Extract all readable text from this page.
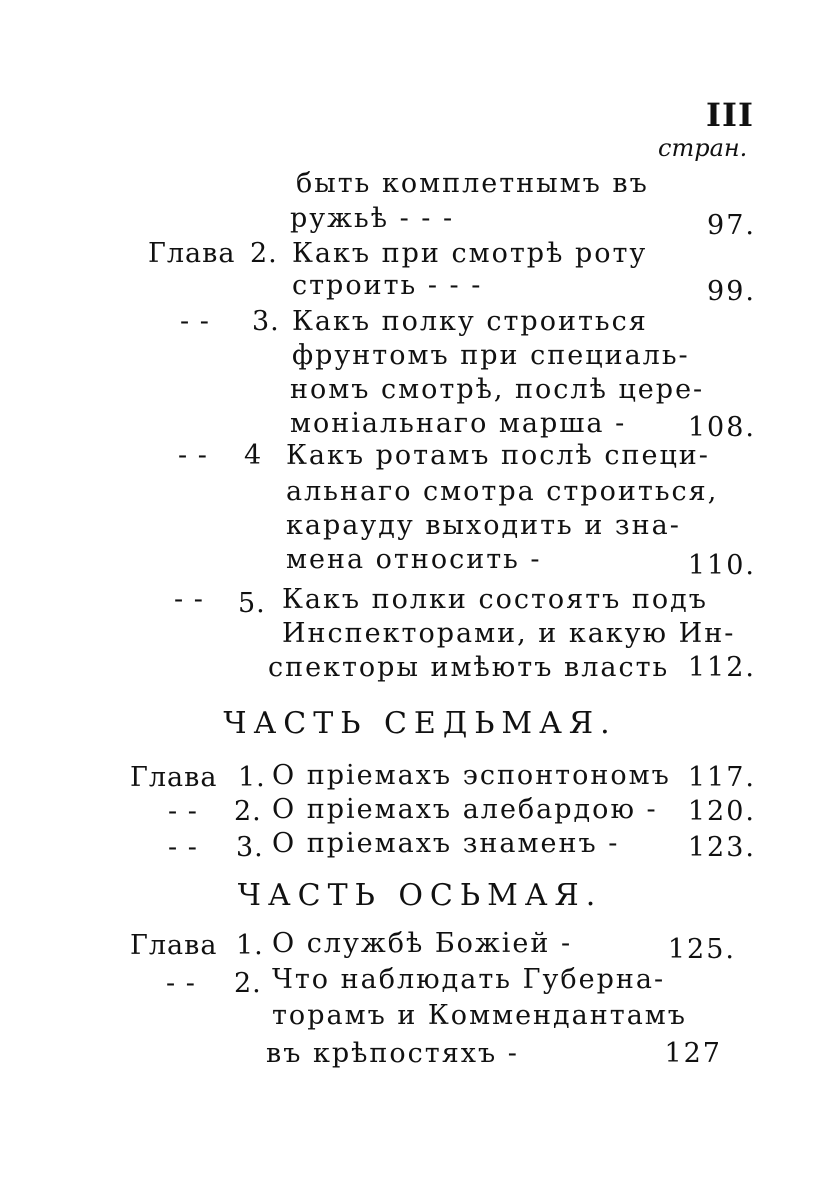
III
стран.
быть комплетнымъ въ
ружьѣ - - -	97.
Глава 2. Какъ при смотрѣ роту
строить - - -	99.
- - 3. Какъ полку строиться
фрунтомъ при специаль-
номъ смотрѣ, послѣ цере-
моніальнаго марша -	108.
- - 4 Какъ ротамъ послѣ специ-
альнаго смотра строиться,
карауду выходить и зна-
мена относить -	110.
- - 5. Какъ полки состоятъ подъ
Инспекторами, и какую Ин-
спекторы имѣютъ власть 112.
ЧАСТЬ СЕДЬМАЯ.
Глава 1. О пріемахъ эспонтономъ 117.
- - 2. О пріемахъ алебардою -	120.
- - 3. О пріемахъ знаменъ -	123.
ЧАСТЬ ОСЬМАЯ.
Глава 1. О службѣ Божіей -	125.
- - 2. Что наблюдать Губерна-
торамъ и Коммендантамъ
въ крѣпостяхъ -	127
